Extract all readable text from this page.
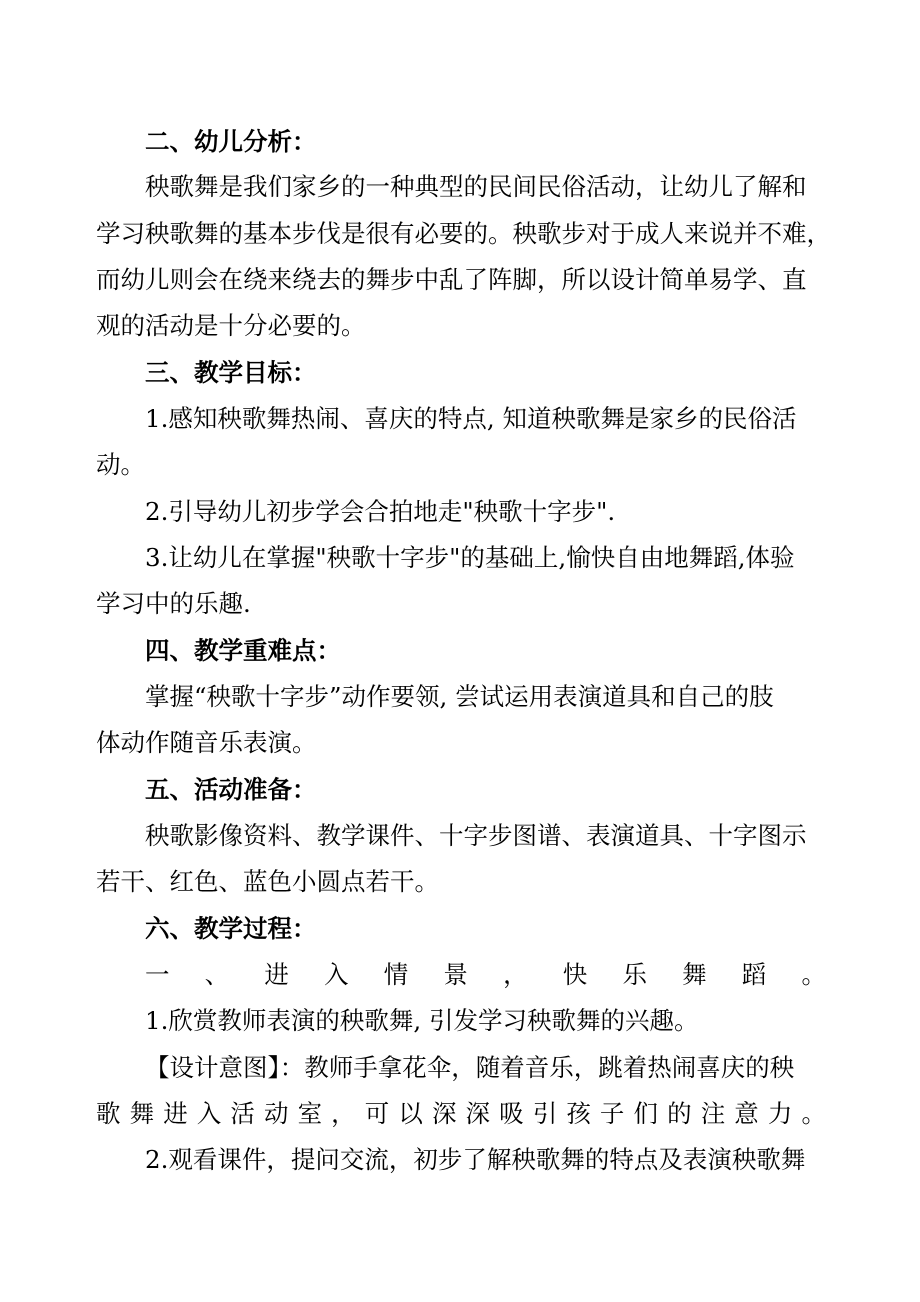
二、幼儿分析：
秧歌舞是我们家乡的一种典型的民间民俗活动，让幼儿了解和
学习秧歌舞的基本步伐是很有必要的。秧歌步对于成人来说并不难，
而幼儿则会在绕来绕去的舞步中乱了阵脚，所以设计简单易学、直
观的活动是十分必要的。
三、教学目标：
1.感知秧歌舞热闹、喜庆的特点, 知道秧歌舞是家乡的民俗活
动。
2.引导幼儿初步学会合拍地走"秧歌十字步".
3.让幼儿在掌握"秧歌十字步"的基础上,愉快自由地舞蹈,体验
学习中的乐趣.
四、教学重难点：
掌握“秧歌十字步”动作要领, 尝试运用表演道具和自己的肢
体动作随音乐表演。
五、活动准备：
秧歌影像资料、教学课件、十字步图谱、表演道具、十字图示
若干、红色、蓝色小圆点若干。
六、教学过程：
一 、 进 入 情 景 ， 快 乐 舞 蹈 。
1.欣赏教师表演的秧歌舞, 引发学习秧歌舞的兴趣。
【设计意图】：教师手拿花伞，随着音乐，跳着热闹喜庆的秧
歌 舞 进 入 活 动 室 ， 可 以 深 深 吸 引 孩 子 们 的 注 意 力 。
2.观看课件，提问交流，初步了解秧歌舞的特点及表演秧歌舞
